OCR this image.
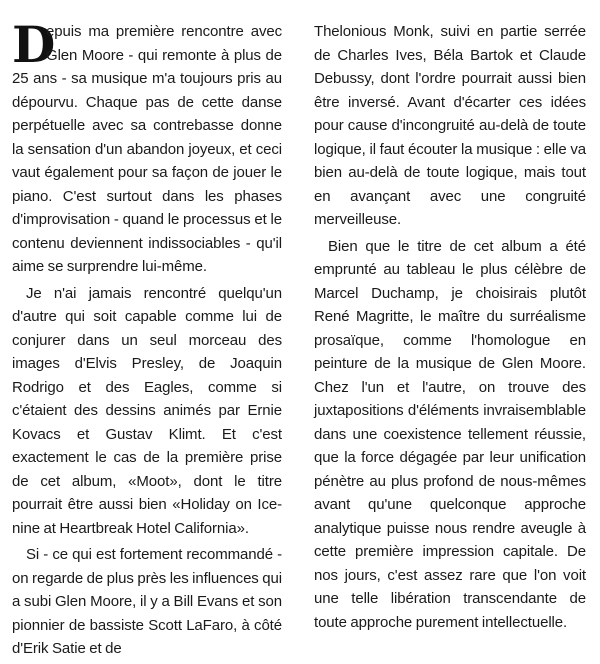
D
epuis ma première rencontre avec Glen Moore - qui remonte à plus de 25 ans - sa musique m'a toujours pris au dépourvu. Chaque pas de cette danse perpétuelle avec sa contrebasse donne la sensation d'un abandon joyeux, et ceci vaut également pour sa façon de jouer le piano. C'est surtout dans les phases d'improvisation - quand le processus et le contenu deviennent indissociables - qu'il aime se surprendre lui-même.

Je n'ai jamais rencontré quelqu'un d'autre qui soit capable comme lui de conjurer dans un seul morceau des images d'Elvis Presley, de Joaquin Rodrigo et des Eagles, comme si c'étaient des dessins animés par Ernie Kovacs et Gustav Klimt. Et c'est exactement le cas de la première prise de cet album, «Moot», dont le titre pourrait être aussi bien «Holiday on Ice-nine at Heartbreak Hotel California».

Si - ce qui est fortement recommandé - on regarde de plus près les influences qui a subi Glen Moore, il y a Bill Evans et son pionnier de bassiste Scott LaFaro, à côté d'Erik Satie et de

Thelonious Monk, suivi en partie serrée de Charles Ives, Béla Bartok et Claude Debussy, dont l'ordre pourrait aussi bien être inversé. Avant d'écarter ces idées pour cause d'incongruité au-delà de toute logique, il faut écouter la musique : elle va bien au-delà de toute logique, mais tout en avançant avec une congruité merveilleuse.

Bien que le titre de cet album a été emprunté au tableau le plus célèbre de Marcel Duchamp, je choisirais plutôt René Magritte, le maître du surréalisme prosaïque, comme l'homologue en peinture de la musique de Glen Moore. Chez l'un et l'autre, on trouve des juxtapositions d'éléments invraisemblable dans une coexistence tellement réussie, que la force dégagée par leur unification pénètre au plus profond de nous-mêmes avant qu'une quelconque approche analytique puisse nous rendre aveugle à cette première impression capitale. De nos jours, c'est assez rare que l'on voit une telle libération transcendante de toute approche purement intellectuelle.
